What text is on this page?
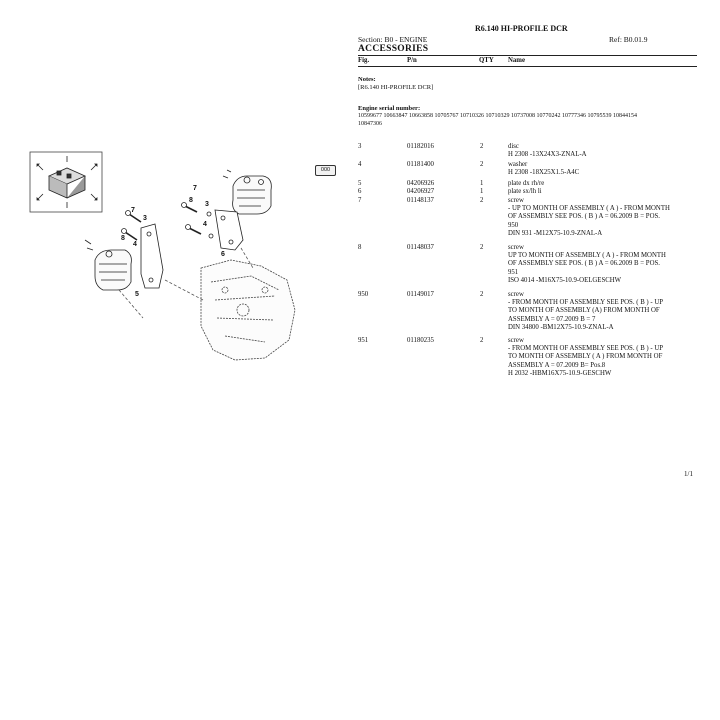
R6.140 HI-PROFILE DCR
Section: B0 - ENGINE	Ref: B0.01.9
ACCESSORIES
Fig.	P/n	QTY Name
Notes:
[R6.140 HI-PROFILE DCR]
Engine serial number:
10599677 10663847 10663858 10705767 10710326 10710329 10737008 10770242 10777346 10795539 10844154
10847306
3	01182016	2	disc
H 2308 -13X24X3-ZNAL-A
4	01181400	2	washer
H 2308 -18X25X1.5-A4C
5	04206926	1	plate dx rh/re
6	04206927	1	plate sx/lh li
7	01148137	2	screw
- UP TO MONTH OF ASSEMBLY ( A ) - FROM MONTH
OF ASSEMBLY SEE POS. ( B ) A = 06.2009 B = POS.
950
DIN 931 -M12X75-10.9-ZNAL-A
8	01148037	2	screw
UP TO MONTH OF ASSEMBLY ( A ) - FROM MONTH
OF ASSEMBLY SEE POS. ( B ) A = 06.2009 B = POS.
951
ISO 4014 -M16X75-10.9-OELGESCHW
950	01149017	2	screw
- FROM MONTH OF ASSEMBLY SEE POS. ( B ) - UP
TO MONTH OF ASSEMBLY (A) FROM MONTH OF
ASSEMBLY A = 07.2009 B = 7
DIN 34800 -BM12X75-10.9-ZNAL-A
951	01180235	2	screw
- FROM MONTH OF ASSEMBLY SEE POS. ( B ) - UP
TO MONTH OF ASSEMBLY ( A ) FROM MONTH OF
ASSEMBLY A = 07.2009 B= Pos.8
H 2032 -HBM16X75-10.9-GESCHW
000
7
8
3
4
6
7
3
8
4
5
1/1
